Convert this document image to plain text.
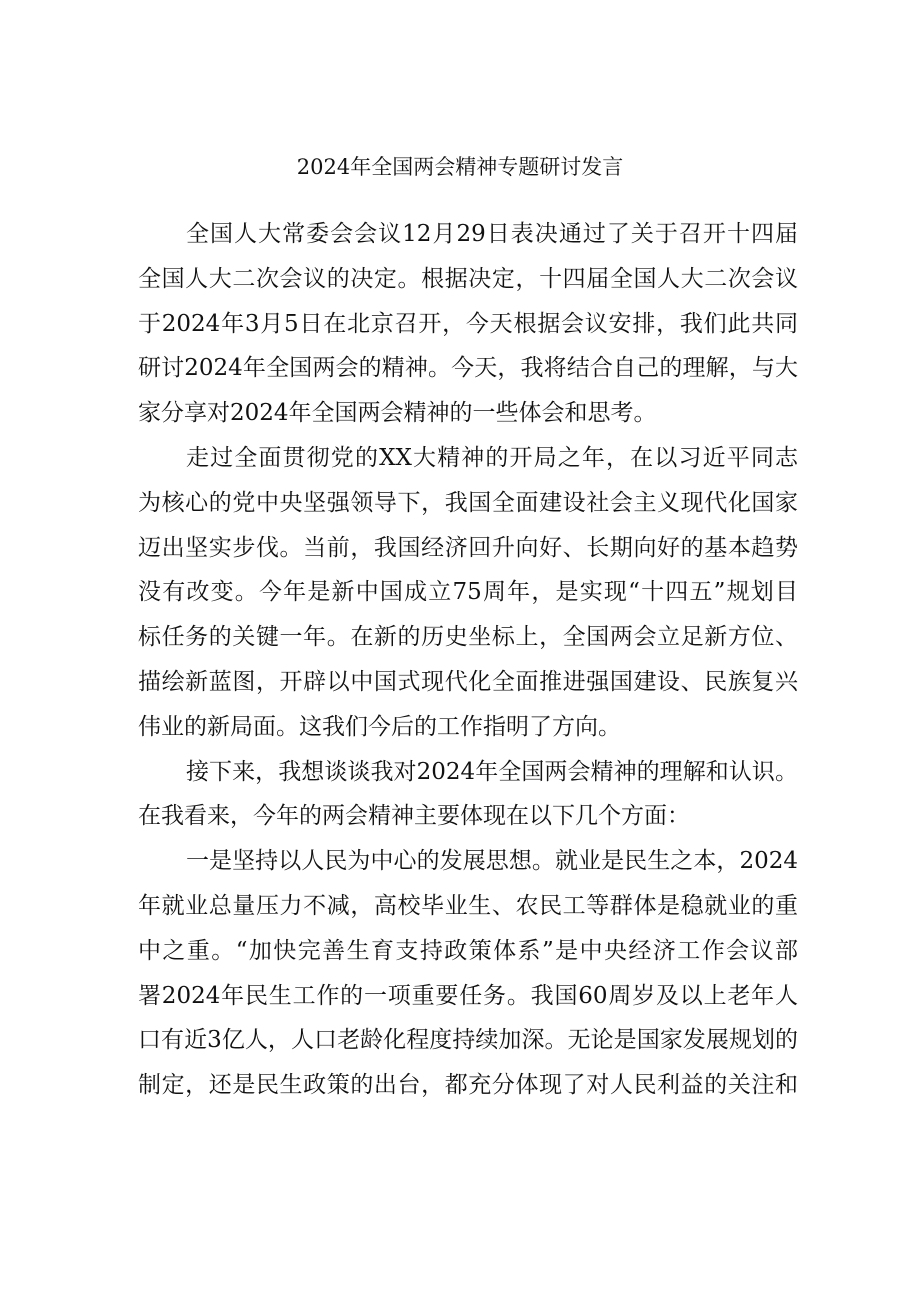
2024年全国两会精神专题研讨发言
全国人大常委会会议12月29日表决通过了关于召开十四届
全国人大二次会议的决定。根据决定，十四届全国人大二次会议
于2024年3月5日在北京召开，今天根据会议安排，我们此共同
研讨2024年全国两会的精神。今天，我将结合自己的理解，与大
家分享对2024年全国两会精神的一些体会和思考。
走过全面贯彻党的XX大精神的开局之年，在以习近平同志
为核心的党中央坚强领导下，我国全面建设社会主义现代化国家
迈出坚实步伐。当前，我国经济回升向好、长期向好的基本趋势
没有改变。今年是新中国成立75周年，是实现“十四五”规划目
标任务的关键一年。在新的历史坐标上，全国两会立足新方位、
描绘新蓝图，开辟以中国式现代化全面推进强国建设、民族复兴
伟业的新局面。这我们今后的工作指明了方向。
接下来，我想谈谈我对2024年全国两会精神的理解和认识。
在我看来，今年的两会精神主要体现在以下几个方面：
一是坚持以人民为中心的发展思想。就业是民生之本，2024
年就业总量压力不减，高校毕业生、农民工等群体是稳就业的重
中之重。“加快完善生育支持政策体系”是中央经济工作会议部
署2024年民生工作的一项重要任务。我国60周岁及以上老年人
口有近3亿人，人口老龄化程度持续加深。无论是国家发展规划的
制定，还是民生政策的出台，都充分体现了对人民利益的关注和
